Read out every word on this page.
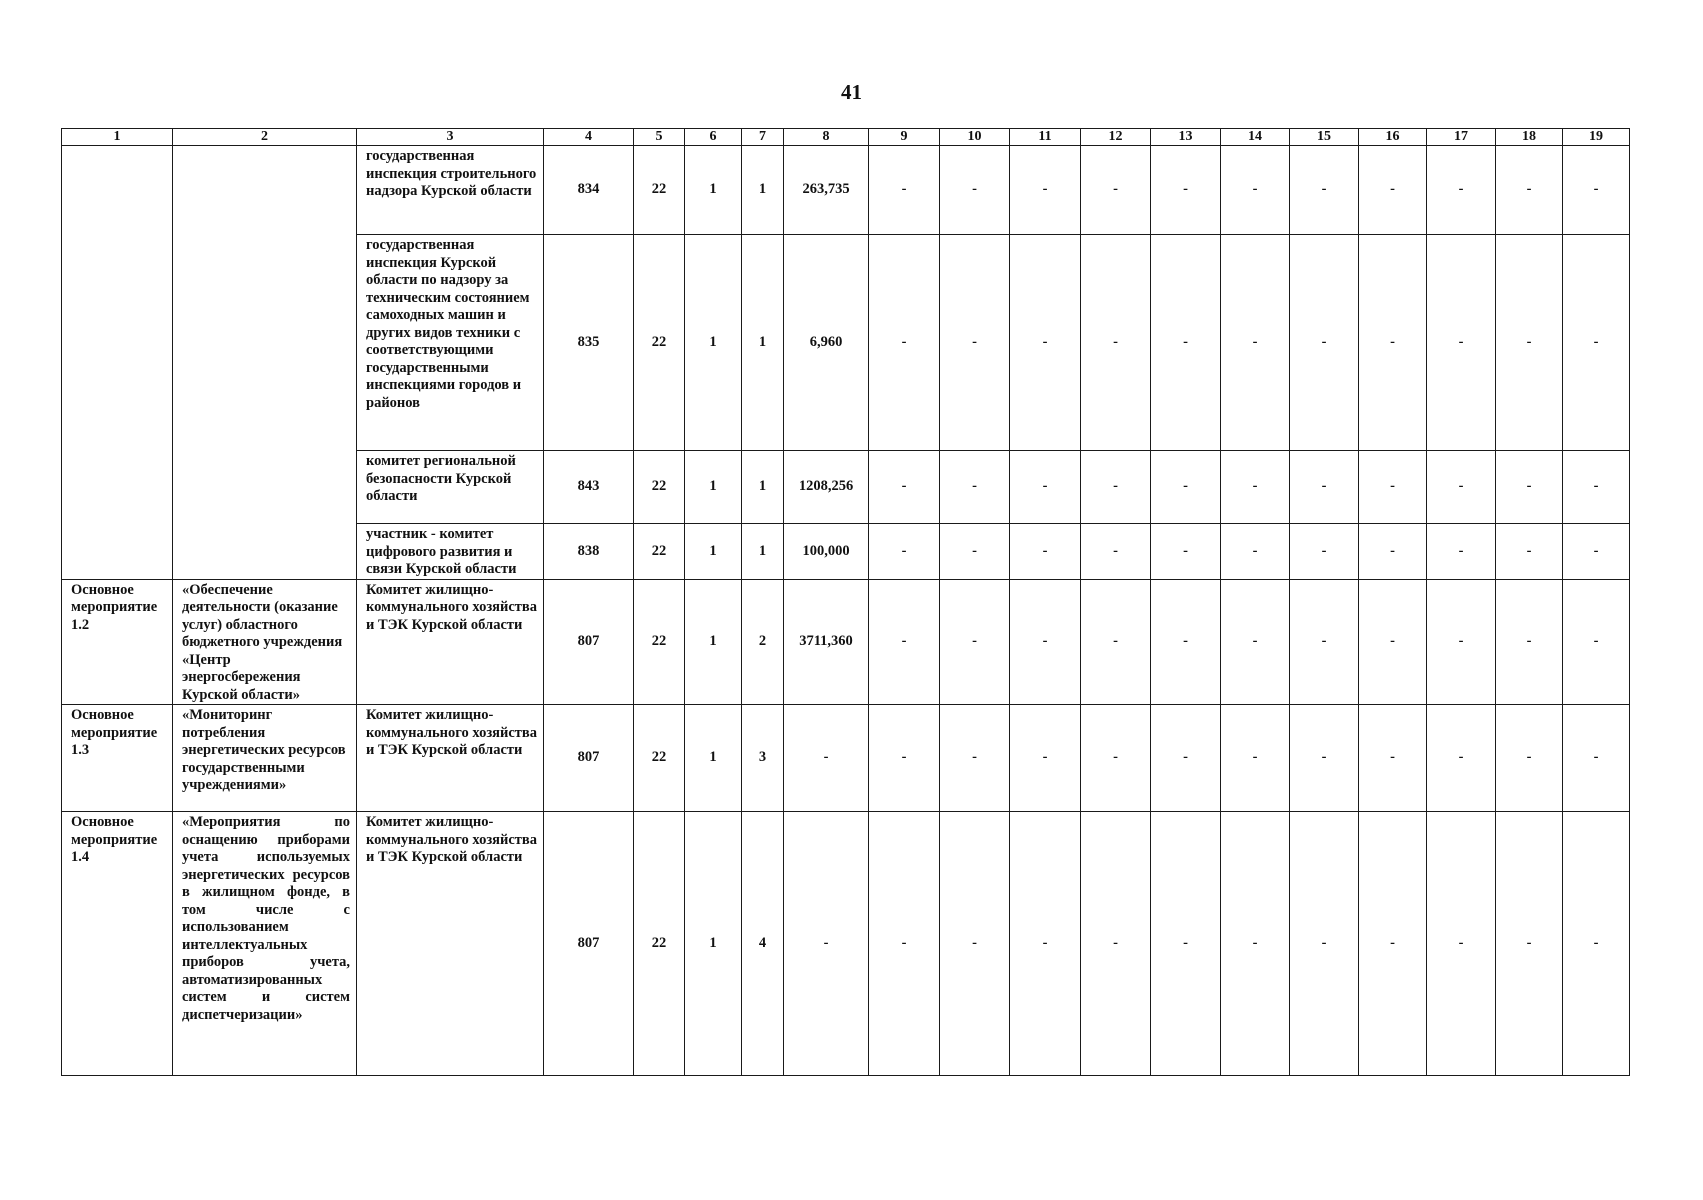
41
1	2	3	4	5	6	7	8	9	10	11	12	13	14	15	16	17	18	19
		государственная инспекция строительного надзора Курской области	834	22	1	1	263,735	-	-	-	-	-	-	-	-	-	-	-
		государственная инспекция Курской области по надзору за техническим состоянием самоходных машин и других видов техники с соответствующими государственными инспекциями городов и районов	835	22	1	1	6,960	-	-	-	-	-	-	-	-	-	-	-
		комитет региональной безопасности Курской области	843	22	1	1	1208,256	-	-	-	-	-	-	-	-	-	-	-
		участник - комитет цифрового развития и связи Курской области	838	22	1	1	100,000	-	-	-	-	-	-	-	-	-	-	-
Основное мероприятие 1.2	«Обеспечение деятельности (оказание услуг) областного бюджетного учреждения «Центр энергосбережения Курской области»	Комитет жилищно-коммунального хозяйства и ТЭК Курской области	807	22	1	2	3711,360	-	-	-	-	-	-	-	-	-	-	-
Основное мероприятие 1.3	«Мониторинг потребления энергетических ресурсов государственными учреждениями»	Комитет жилищно-коммунального хозяйства и ТЭК Курской области	807	22	1	3	-	-	-	-	-	-	-	-	-	-	-	-
Основное мероприятие 1.4	«Мероприятия по оснащению приборами учета используемых энергетических ресурсов в жилищном фонде, в том числе с использованием интеллектуальных приборов учета, автоматизированных систем и систем диспетчеризации»	Комитет жилищно-коммунального хозяйства и ТЭК Курской области	807	22	1	4	-	-	-	-	-	-	-	-	-	-	-	-
